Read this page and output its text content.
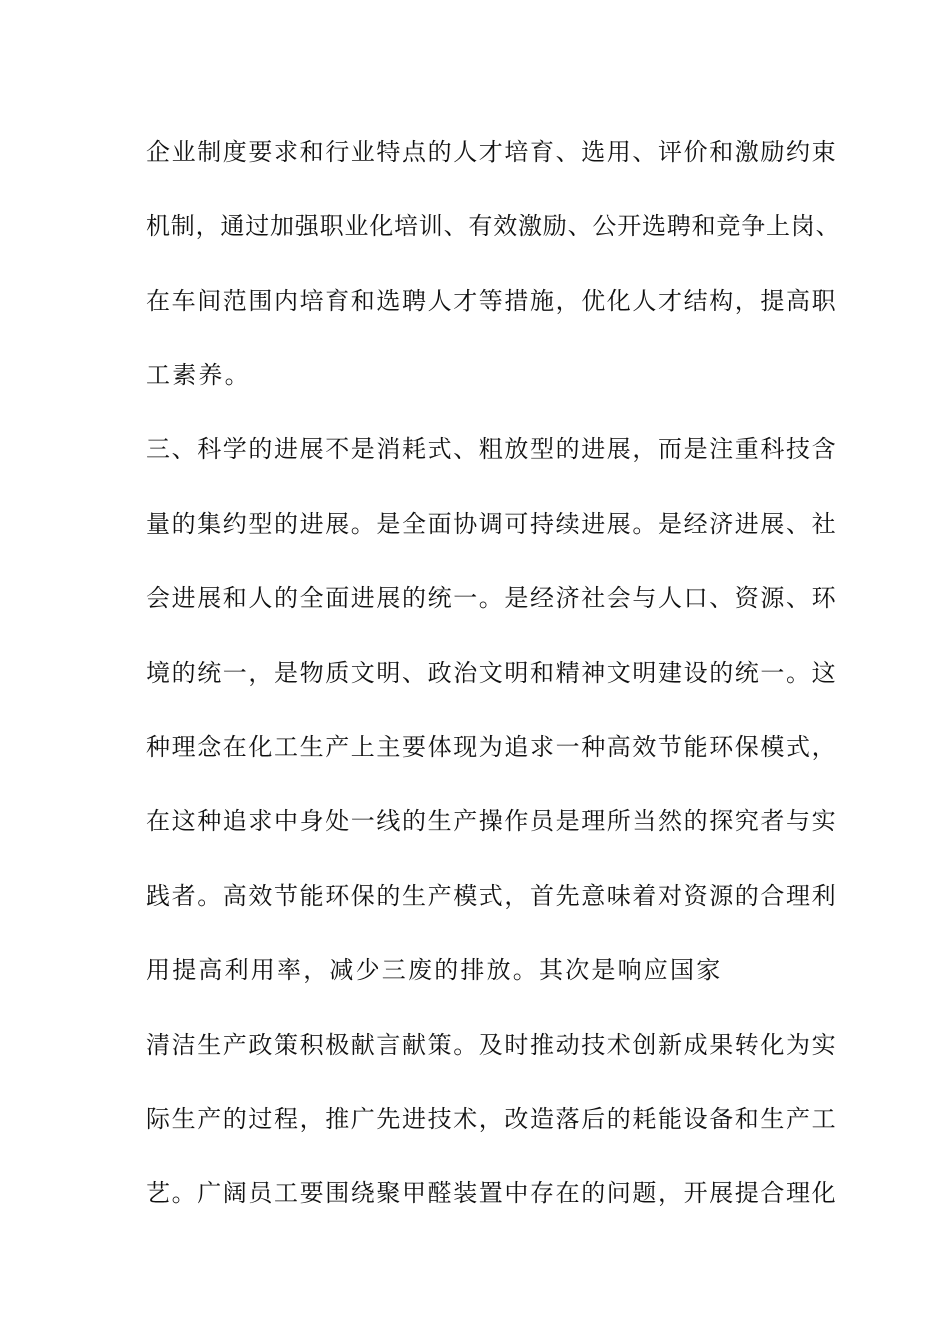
企业制度要求和行业特点的人才培育、选用、评价和激励约束

机制，通过加强职业化培训、有效激励、公开选聘和竞争上岗、

在车间范围内培育和选聘人才等措施，优化人才结构，提高职

工素养。

三、科学的进展不是消耗式、粗放型的进展，而是注重科技含

量的集约型的进展。是全面协调可持续进展。是经济进展、社

会进展和人的全面进展的统一。是经济社会与人口、资源、环

境的统一，是物质文明、政治文明和精神文明建设的统一。这

种理念在化工生产上主要体现为追求一种高效节能环保模式，

在这种追求中身处一线的生产操作员是理所当然的探究者与实

践者。高效节能环保的生产模式，首先意味着对资源的合理利

用提高利用率，减少三废的排放。其次是响应国家

清洁生产政策积极献言献策。及时推动技术创新成果转化为实

际生产的过程，推广先进技术，改造落后的耗能设备和生产工

艺。广阔员工要围绕聚甲醛装置中存在的问题，开展提合理化
